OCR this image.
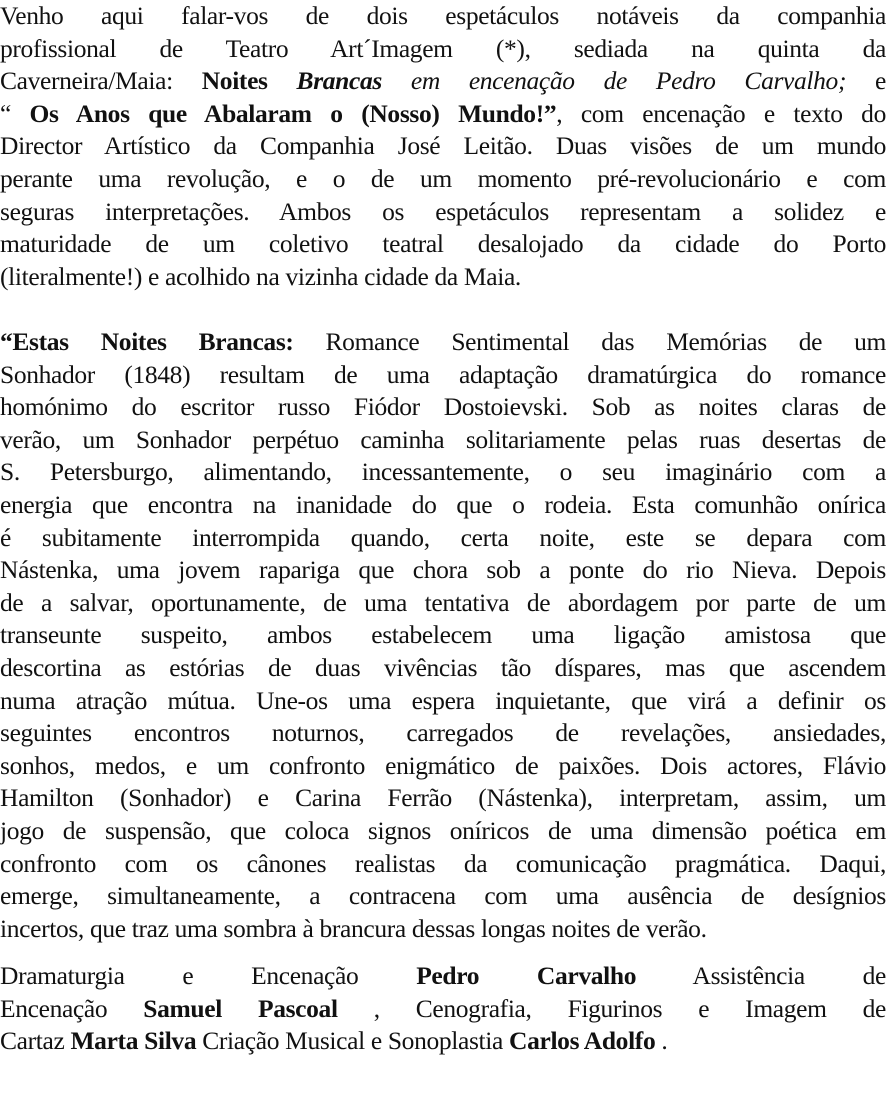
Venho aqui falar-vos de dois espetáculos notáveis da companhia
profissional de Teatro Art´Imagem (*), sediada na quinta da
Caverneira/Maia: Noites Brancas em encenação de Pedro Carvalho; e
“ Os Anos que Abalaram o (Nosso) Mundo!”, com encenação e texto do
Director Artístico da Companhia José Leitão. Duas visões de um mundo
perante uma revolução, e o de um momento pré-revolucionário e com
seguras interpretações. Ambos os espetáculos representam a solidez e
maturidade de um coletivo teatral desalojado da cidade do Porto
(literalmente!) e acolhido na vizinha cidade da Maia.
“Estas Noites Brancas: Romance Sentimental das Memórias de um
Sonhador (1848) resultam de uma adaptação dramatúrgica do romance
homónimo do escritor russo Fiódor Dostoievski. Sob as noites claras de
verão, um Sonhador perpétuo caminha solitariamente pelas ruas desertas de
S. Petersburgo, alimentando, incessantemente, o seu imaginário com a
energia que encontra na inanidade do que o rodeia. Esta comunhão onírica
é subitamente interrompida quando, certa noite, este se depara com
Nástenka, uma jovem rapariga que chora sob a ponte do rio Nieva. Depois
de a salvar, oportunamente, de uma tentativa de abordagem por parte de um
transeunte suspeito, ambos estabelecem uma ligação amistosa que
descortina as estórias de duas vivências tão díspares, mas que ascendem
numa atração mútua. Une-os uma espera inquietante, que virá a definir os
seguintes encontros noturnos, carregados de revelações, ansiedades,
sonhos, medos, e um confronto enigmático de paixões. Dois actores, Flávio
Hamilton (Sonhador) e Carina Ferrão (Nástenka), interpretam, assim, um
jogo de suspensão, que coloca signos oníricos de uma dimensão poética em
confronto com os cânones realistas da comunicação pragmática. Daqui,
emerge, simultaneamente, a contracena com uma ausência de desígnios
incertos, que traz uma sombra à brancura dessas longas noites de verão.
Dramaturgia e Encenação Pedro Carvalho Assistência de
Encenação Samuel Pascoal , Cenografia, Figurinos e Imagem de
Cartaz Marta Silva Criação Musical e Sonoplastia Carlos Adolfo .
